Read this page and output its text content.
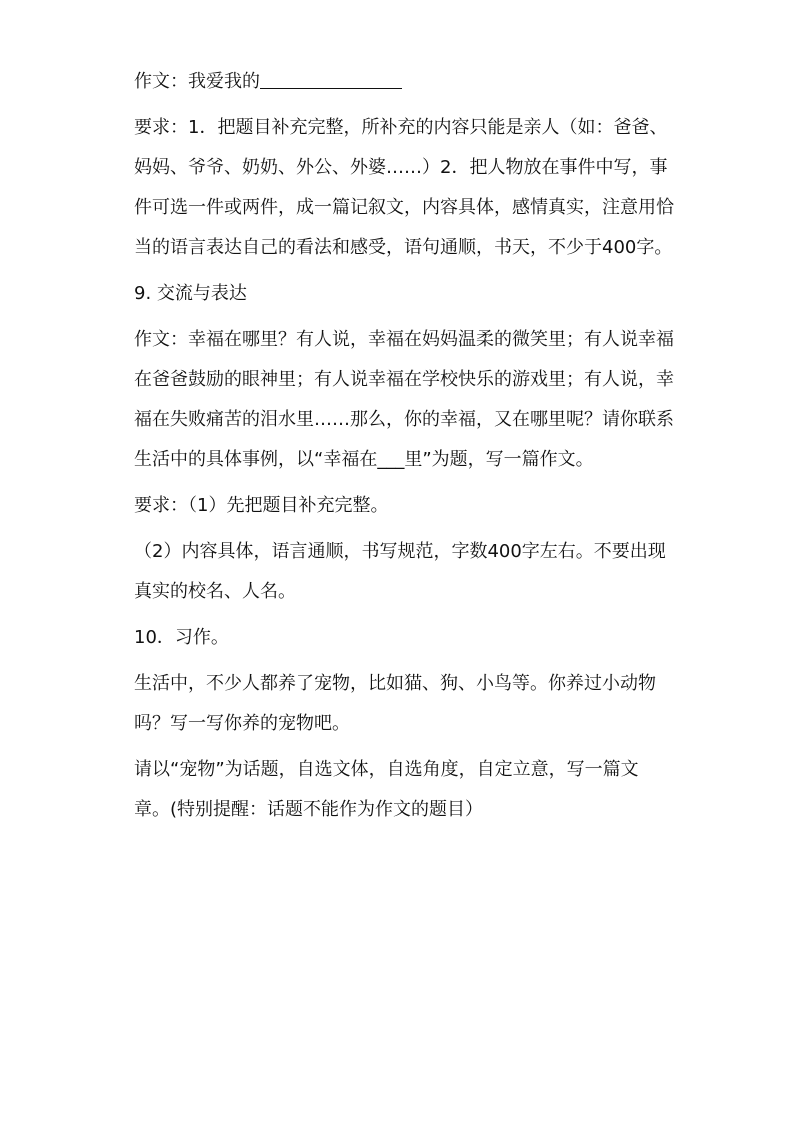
作文：我爱我的

要求：1．把题目补充完整，所补充的内容只能是亲人（如：爸爸、妈妈、爷爷、奶奶、外公、外婆……）2．把人物放在事件中写，事件可选一件或两件，成一篇记叙文，内容具体，感情真实，注意用恰当的语言表达自己的看法和感受，语句通顺，书天，不少于400字。

9. 交流与表达

作文：幸福在哪里？有人说，幸福在妈妈温柔的微笑里；有人说幸福在爸爸鼓励的眼神里；有人说幸福在学校快乐的游戏里；有人说，幸福在失败痛苦的泪水里……那么，你的幸福，又在哪里呢？请你联系生活中的具体事例，以“幸福在___里”为题，写一篇作文。

要求：（1）先把题目补充完整。

（2）内容具体，语言通顺，书写规范，字数400字左右。不要出现真实的校名、人名。

10．习作。

生活中，不少人都养了宠物，比如猫、狗、小鸟等。你养过小动物吗？写一写你养的宠物吧。

请以“宠物”为话题，自选文体，自选角度，自定立意，写一篇文章。(特别提醒：话题不能作为作文的题目）
